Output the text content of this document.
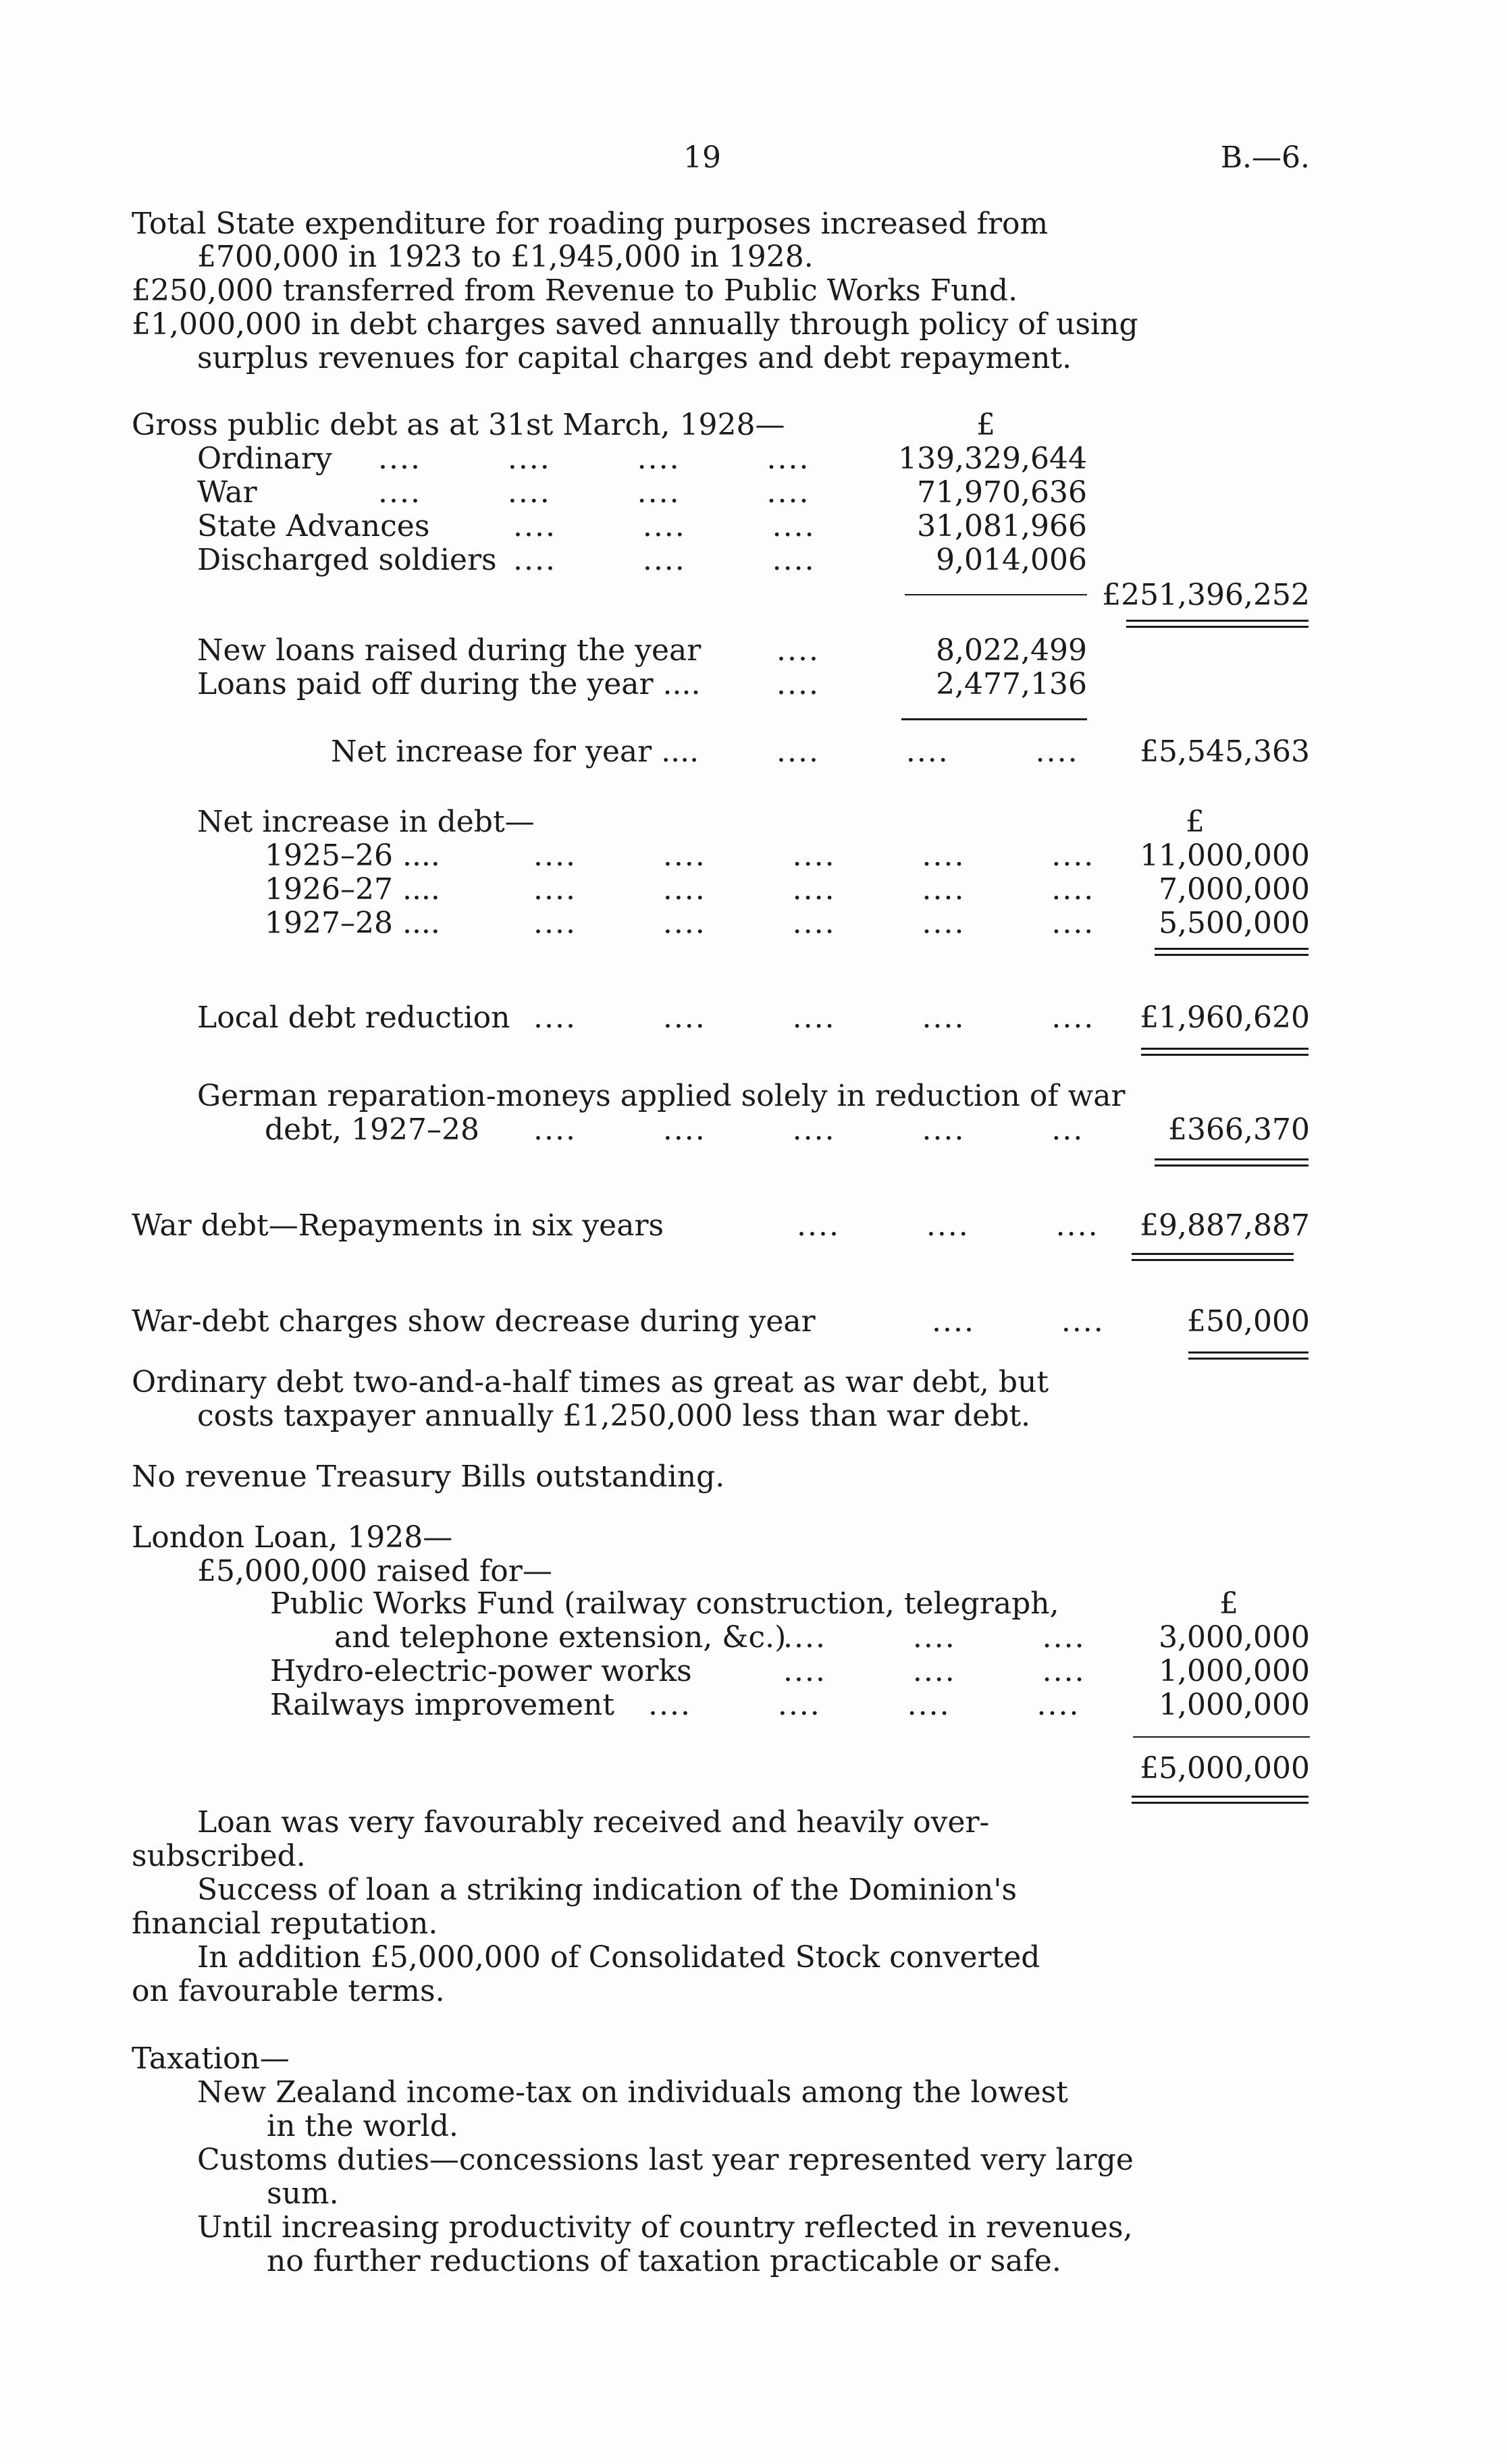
19	B.—6.
Total State expenditure for roading purposes increased from
£700,000 in 1923 to £1,945,000 in 1928.
£250,000 transferred from Revenue to Public Works Fund.
£1,000,000 in debt charges saved annually through policy of using
surplus revenues for capital charges and debt repayment.
Gross public debt as at 31st March, 1928—	£
Ordinary ....        ....        ....        ....	139,329,644
War	....        ....        ....        ....	71,970,636
State Advances	....        ....        ....	31,081,966
Discharged soldiers ....        ....        ....	9,014,006
£251,396,252
New loans raised during the year	....	8,022,499
Loans paid off during the year ....	....	2,477,136
Net increase for year ....	....        ....        ....	£5,545,363
Net increase in debt—	£
1925–26 ....	....        ....        ....        ....        ....	11,000,000
1926–27 ....	....        ....        ....        ....        ....	7,000,000
1927–28 ....	....        ....        ....        ....        ....	5,500,000
Local debt reduction ....        ....        ....        ....        ....	£1,960,620
German reparation-moneys applied solely in reduction of war
debt, 1927–28 ....        ....        ....        ....        ...	£366,370
War debt—Repayments in six years	....        ....        ....	£9,887,887
War-debt charges show decrease during year	....        ....	£50,000
Ordinary debt two-and-a-half times as great as war debt, but
costs taxpayer annually £1,250,000 less than war debt.
No revenue Treasury Bills outstanding.
London Loan, 1928—
£5,000,000 raised for—
Public Works Fund (railway construction, telegraph,	£
and telephone extension, &c.)
....        ....        ....	3,000,000
Hydro-electric-power works	....        ....        ....	1,000,000
Railways improvement ....        ....        ....        ....	1,000,000
£5,000,000
Loan was very favourably received and heavily over-
subscribed.
Success of loan a striking indication of the Dominion's
financial reputation.
In addition £5,000,000 of Consolidated Stock converted
on favourable terms.
Taxation—
New Zealand income-tax on individuals among the lowest
in the world.
Customs duties—concessions last year represented very large
sum.
Until increasing productivity of country reflected in revenues,
no further reductions of taxation practicable or safe.
